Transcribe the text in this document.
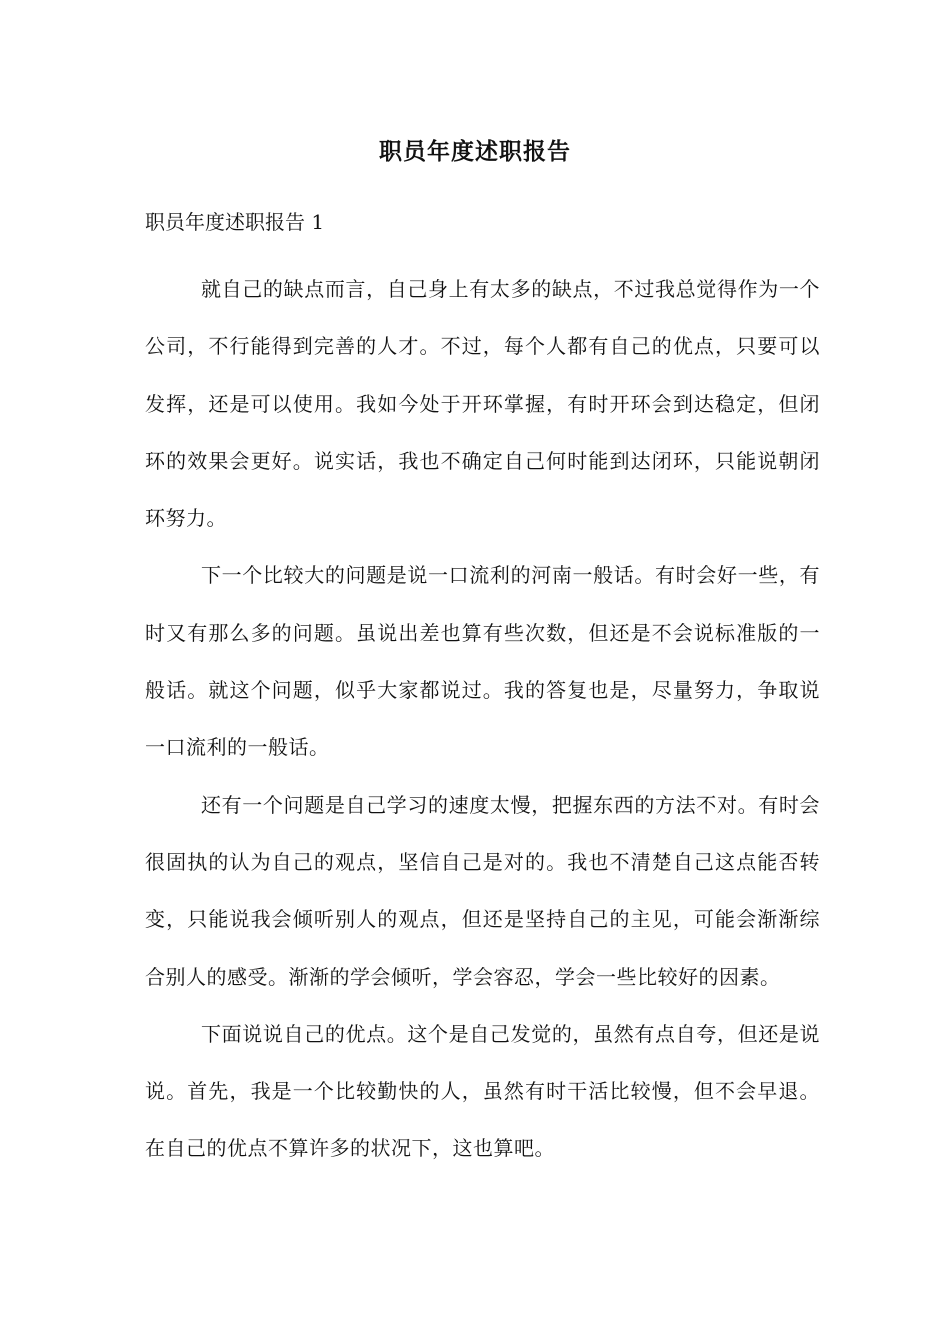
职员年度述职报告
职员年度述职报告 1

就自己的缺点而言，自己身上有太多的缺点，不过我总觉得作为一个公司，不行能得到完善的人才。不过，每个人都有自己的优点，只要可以发挥，还是可以使用。我如今处于开环掌握，有时开环会到达稳定，但闭环的效果会更好。说实话，我也不确定自己何时能到达闭环，只能说朝闭环努力。

下一个比较大的问题是说一口流利的河南一般话。有时会好一些，有时又有那么多的问题。虽说出差也算有些次数，但还是不会说标准版的一般话。就这个问题，似乎大家都说过。我的答复也是，尽量努力，争取说一口流利的一般话。

还有一个问题是自己学习的速度太慢，把握东西的方法不对。有时会很固执的认为自己的观点，坚信自己是对的。我也不清楚自己这点能否转变，只能说我会倾听别人的观点，但还是坚持自己的主见，可能会渐渐综合别人的感受。渐渐的学会倾听，学会容忍，学会一些比较好的因素。

下面说说自己的优点。这个是自己发觉的，虽然有点自夸，但还是说说。首先，我是一个比较勤快的人，虽然有时干活比较慢，但不会早退。在自己的优点不算许多的状况下，这也算吧。
